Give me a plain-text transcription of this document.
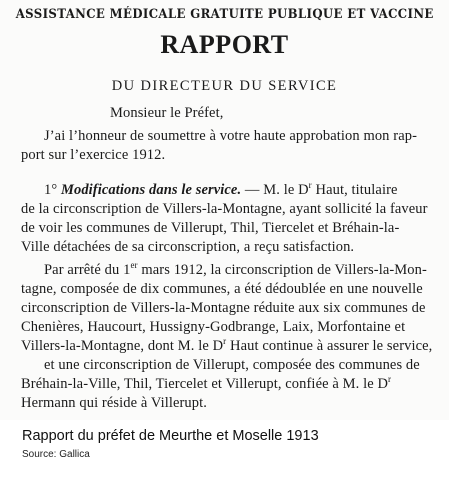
ASSISTANCE MÉDICALE GRATUITE PUBLIQUE ET VACCINE
RAPPORT
DU DIRECTEUR DU SERVICE
Monsieur le Préfet,
J’ai l’honneur de soumettre à votre haute approbation mon rap-
port sur l’exercice 1912.
1° Modifications dans le service. — M. le $D^r$ Haut, titulaire
de la circonscription de Villers-la-Montagne, ayant sollicité la faveur
de voir les communes de Villerupt, Thil, Tiercelet et Bréhain-la-
Ville détachées de sa circonscription, a reçu satisfaction.
Par arrêté du 1er mars 1912, la circonscription de Villers-la-Mon-
tagne, composée de dix communes, a été dédoublée en une nouvelle
circonscription de Villers-la-Montagne réduite aux six communes de
Chenières, Haucourt, Hussigny-Godbrange, Laix, Morfontaine et
Villers-la-Montagne, dont M. le $D^r$ Haut continue à assurer le service,
et une circonscription de Villerupt, composée des communes de
Bréhain-la-Ville, Thil, Tiercelet et Villerupt, confiée à M. le $D^r$
Hermann qui réside à Villerupt.
Rapport du préfet de Meurthe et Moselle 1913
Source: Gallica
